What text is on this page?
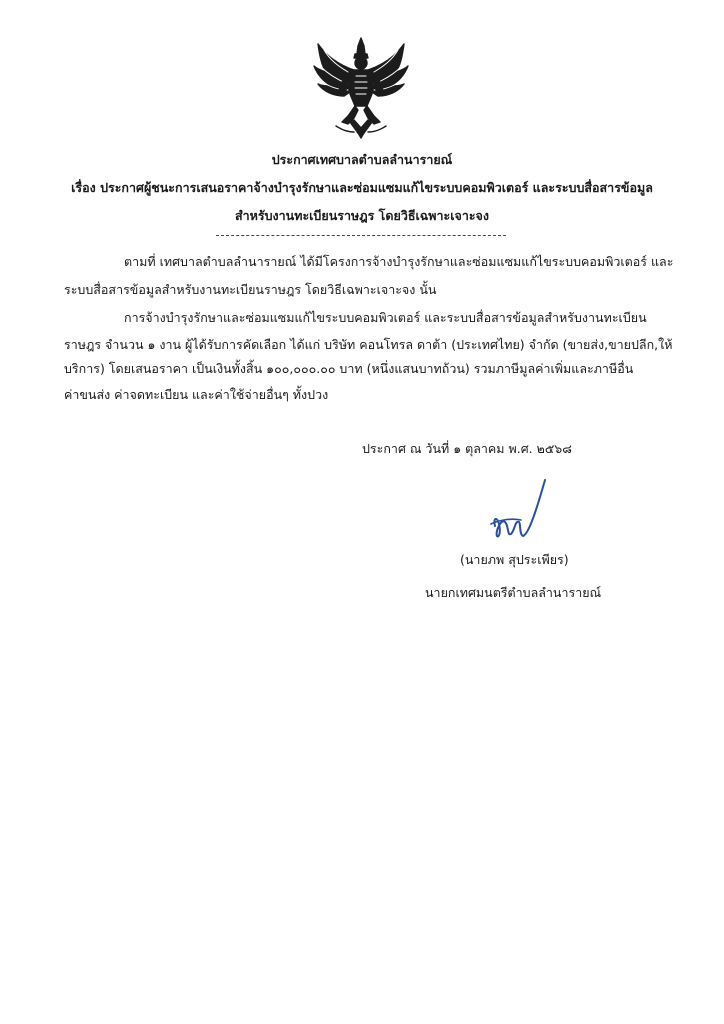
ประกาศเทศบาลตำบลลำนารายณ์
เรื่อง ประกาศผู้ชนะการเสนอราคาจ้างบำรุงรักษาและซ่อมแซมแก้ไขระบบคอมพิวเตอร์ และระบบสื่อสารข้อมูล
สำหรับงานทะเบียนราษฎร โดยวิธีเฉพาะเจาะจง
ตามที่ เทศบาลตำบลลำนารายณ์ ได้มีโครงการจ้างบำรุงรักษาและซ่อมแซมแก้ไขระบบคอมพิวเตอร์ และ
ระบบสื่อสารข้อมูลสำหรับงานทะเบียนราษฎร โดยวิธีเฉพาะเจาะจง นั้น
การจ้างบำรุงรักษาและซ่อมแซมแก้ไขระบบคอมพิวเตอร์ และระบบสื่อสารข้อมูลสำหรับงานทะเบียน
ราษฎร จำนวน ๑ งาน ผู้ได้รับการคัดเลือก ได้แก่ บริษัท คอนโทรล ดาต้า (ประเทศไทย) จำกัด (ขายส่ง,ขายปลีก,ให้
บริการ) โดยเสนอราคา เป็นเงินทั้งสิ้น ๑๐๐,๐๐๐.๐๐ บาท (หนึ่งแสนบาทถ้วน) รวมภาษีมูลค่าเพิ่มและภาษีอื่น
ค่าขนส่ง ค่าจดทะเบียน และค่าใช้จ่ายอื่นๆ ทั้งปวง
ประกาศ ณ วันที่ ๑ ตุลาคม พ.ศ. ๒๕๖๘
(นายภพ สุประเพียร)
นายกเทศมนตรีตำบลลำนารายณ์
